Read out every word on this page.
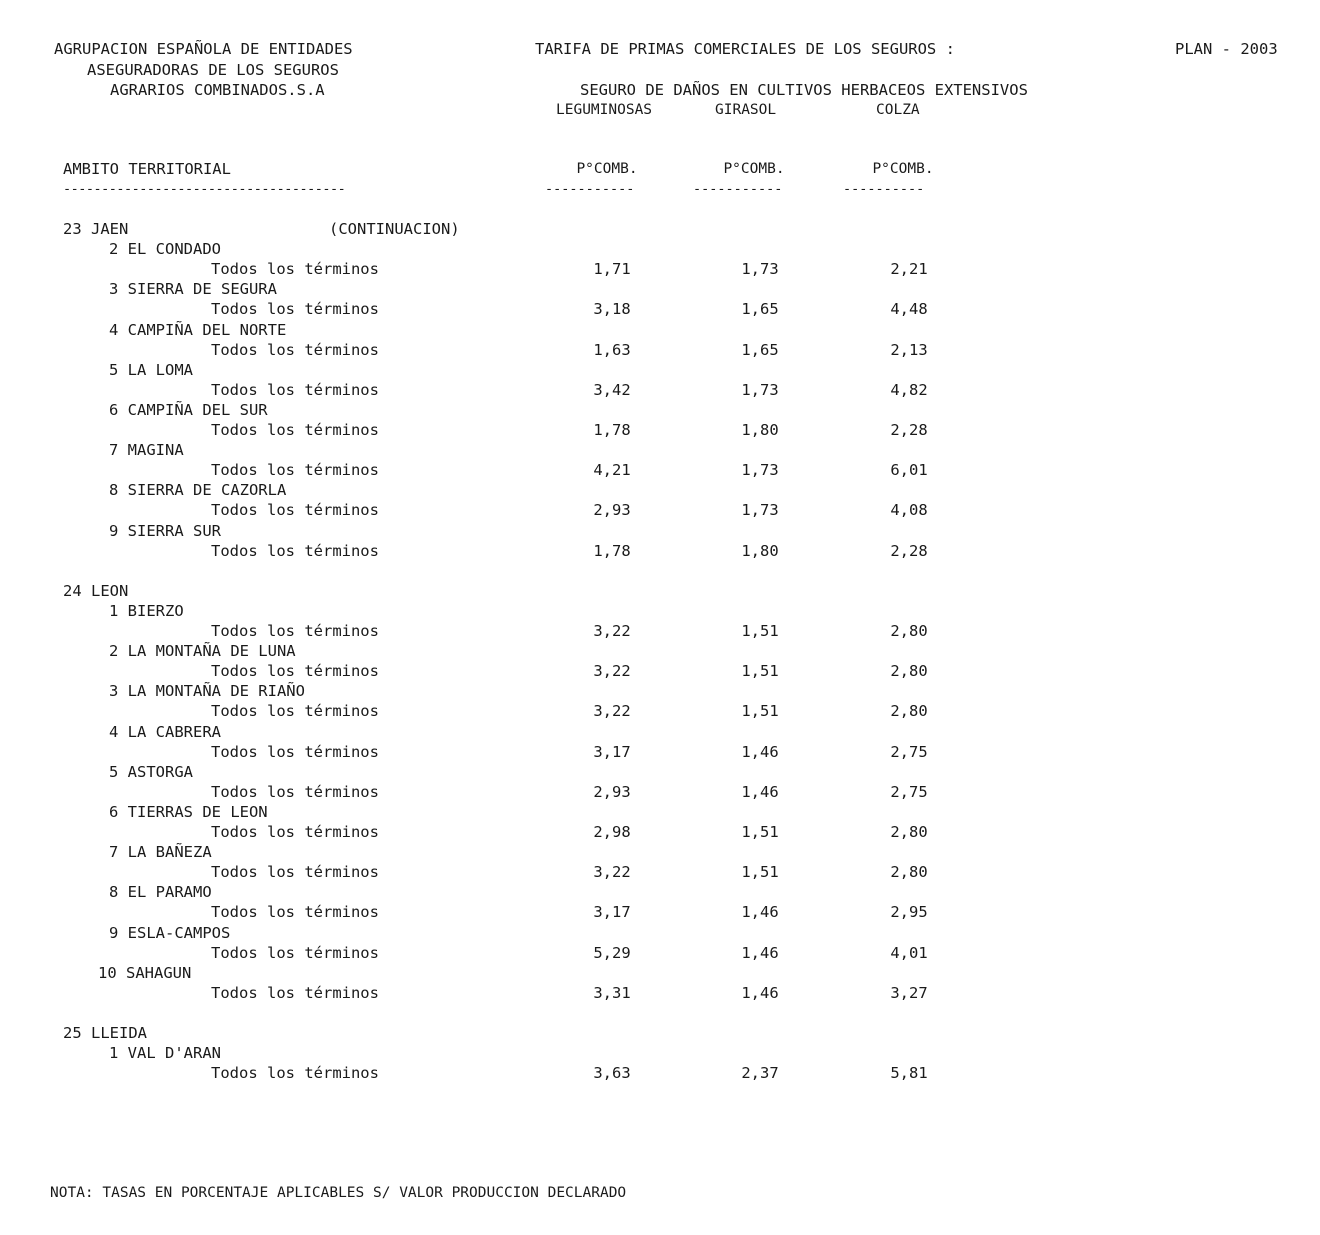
AGRUPACION ESPAÑOLA DE ENTIDADES
ASEGURADORAS DE LOS SEGUROS
AGRARIOS COMBINADOS.S.A
TARIFA DE PRIMAS COMERCIALES DE LOS SEGUROS :	PLAN - 2003
SEGURO DE DAÑOS EN CULTIVOS HERBACEOS EXTENSIVOS
LEGUMINOSAS	GIRASOL	COLZA
AMBITO TERRITORIAL	P°COMB.	P°COMB.	P°COMB.
-------------------------------------	-----------	-----------	----------
23 JAEN	(CONTINUACION)
2 EL CONDADO
Todos los términos	1,71	1,73	2,21
3 SIERRA DE SEGURA
Todos los términos	3,18	1,65	4,48
4 CAMPIÑA DEL NORTE
Todos los términos	1,63	1,65	2,13
5 LA LOMA
Todos los términos	3,42	1,73	4,82
6 CAMPIÑA DEL SUR
Todos los términos	1,78	1,80	2,28
7 MAGINA
Todos los términos	4,21	1,73	6,01
8 SIERRA DE CAZORLA
Todos los términos	2,93	1,73	4,08
9 SIERRA SUR
Todos los términos	1,78	1,80	2,28
24 LEON
1 BIERZO
Todos los términos	3,22	1,51	2,80
2 LA MONTAÑA DE LUNA
Todos los términos	3,22	1,51	2,80
3 LA MONTAÑA DE RIAÑO
Todos los términos	3,22	1,51	2,80
4 LA CABRERA
Todos los términos	3,17	1,46	2,75
5 ASTORGA
Todos los términos	2,93	1,46	2,75
6 TIERRAS DE LEON
Todos los términos	2,98	1,51	2,80
7 LA BAÑEZA
Todos los términos	3,22	1,51	2,80
8 EL PARAMO
Todos los términos	3,17	1,46	2,95
9 ESLA-CAMPOS
Todos los términos	5,29	1,46	4,01
10 SAHAGUN
Todos los términos	3,31	1,46	3,27
25 LLEIDA
1 VAL D'ARAN
Todos los términos	3,63	2,37	5,81
NOTA: TASAS EN PORCENTAJE APLICABLES S/ VALOR PRODUCCION DECLARADO
